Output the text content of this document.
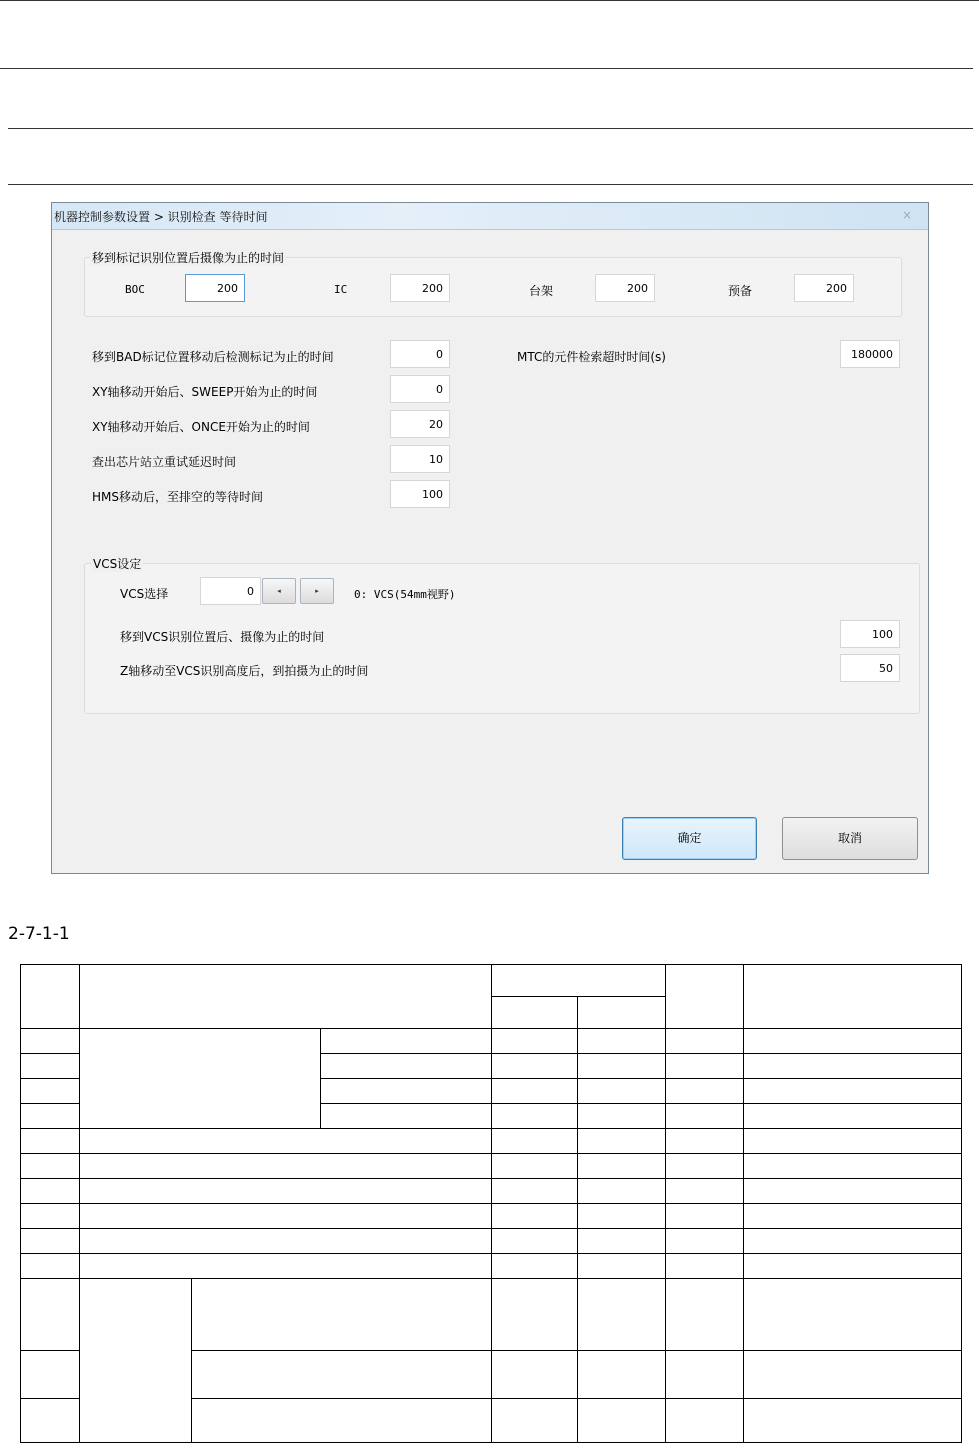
机器控制参数设置 > 识别检查 等待时间	×
移到标记识别位置后摄像为止的时间
BOC	200	IC	200	台架	200	预备	200
移到BAD标记位置移动后检测标记为止的时间	0	MTC的元件检索超时时间(s)	180000
XY轴移动开始后、SWEEP开始为止的时间	0
XY轴移动开始后、ONCE开始为止的时间	20
查出芯片站立重试延迟时间	10
HMS移动后，至排空的等待时间	100
VCS设定
VCS选择	0	◂	▸	0: VCS(54mm视野)
移到VCS识别位置后、摄像为止的时间	100
Z轴移动至VCS识别高度后，到拍摄为止的时间	50
确定	取消
2-7-1-1
